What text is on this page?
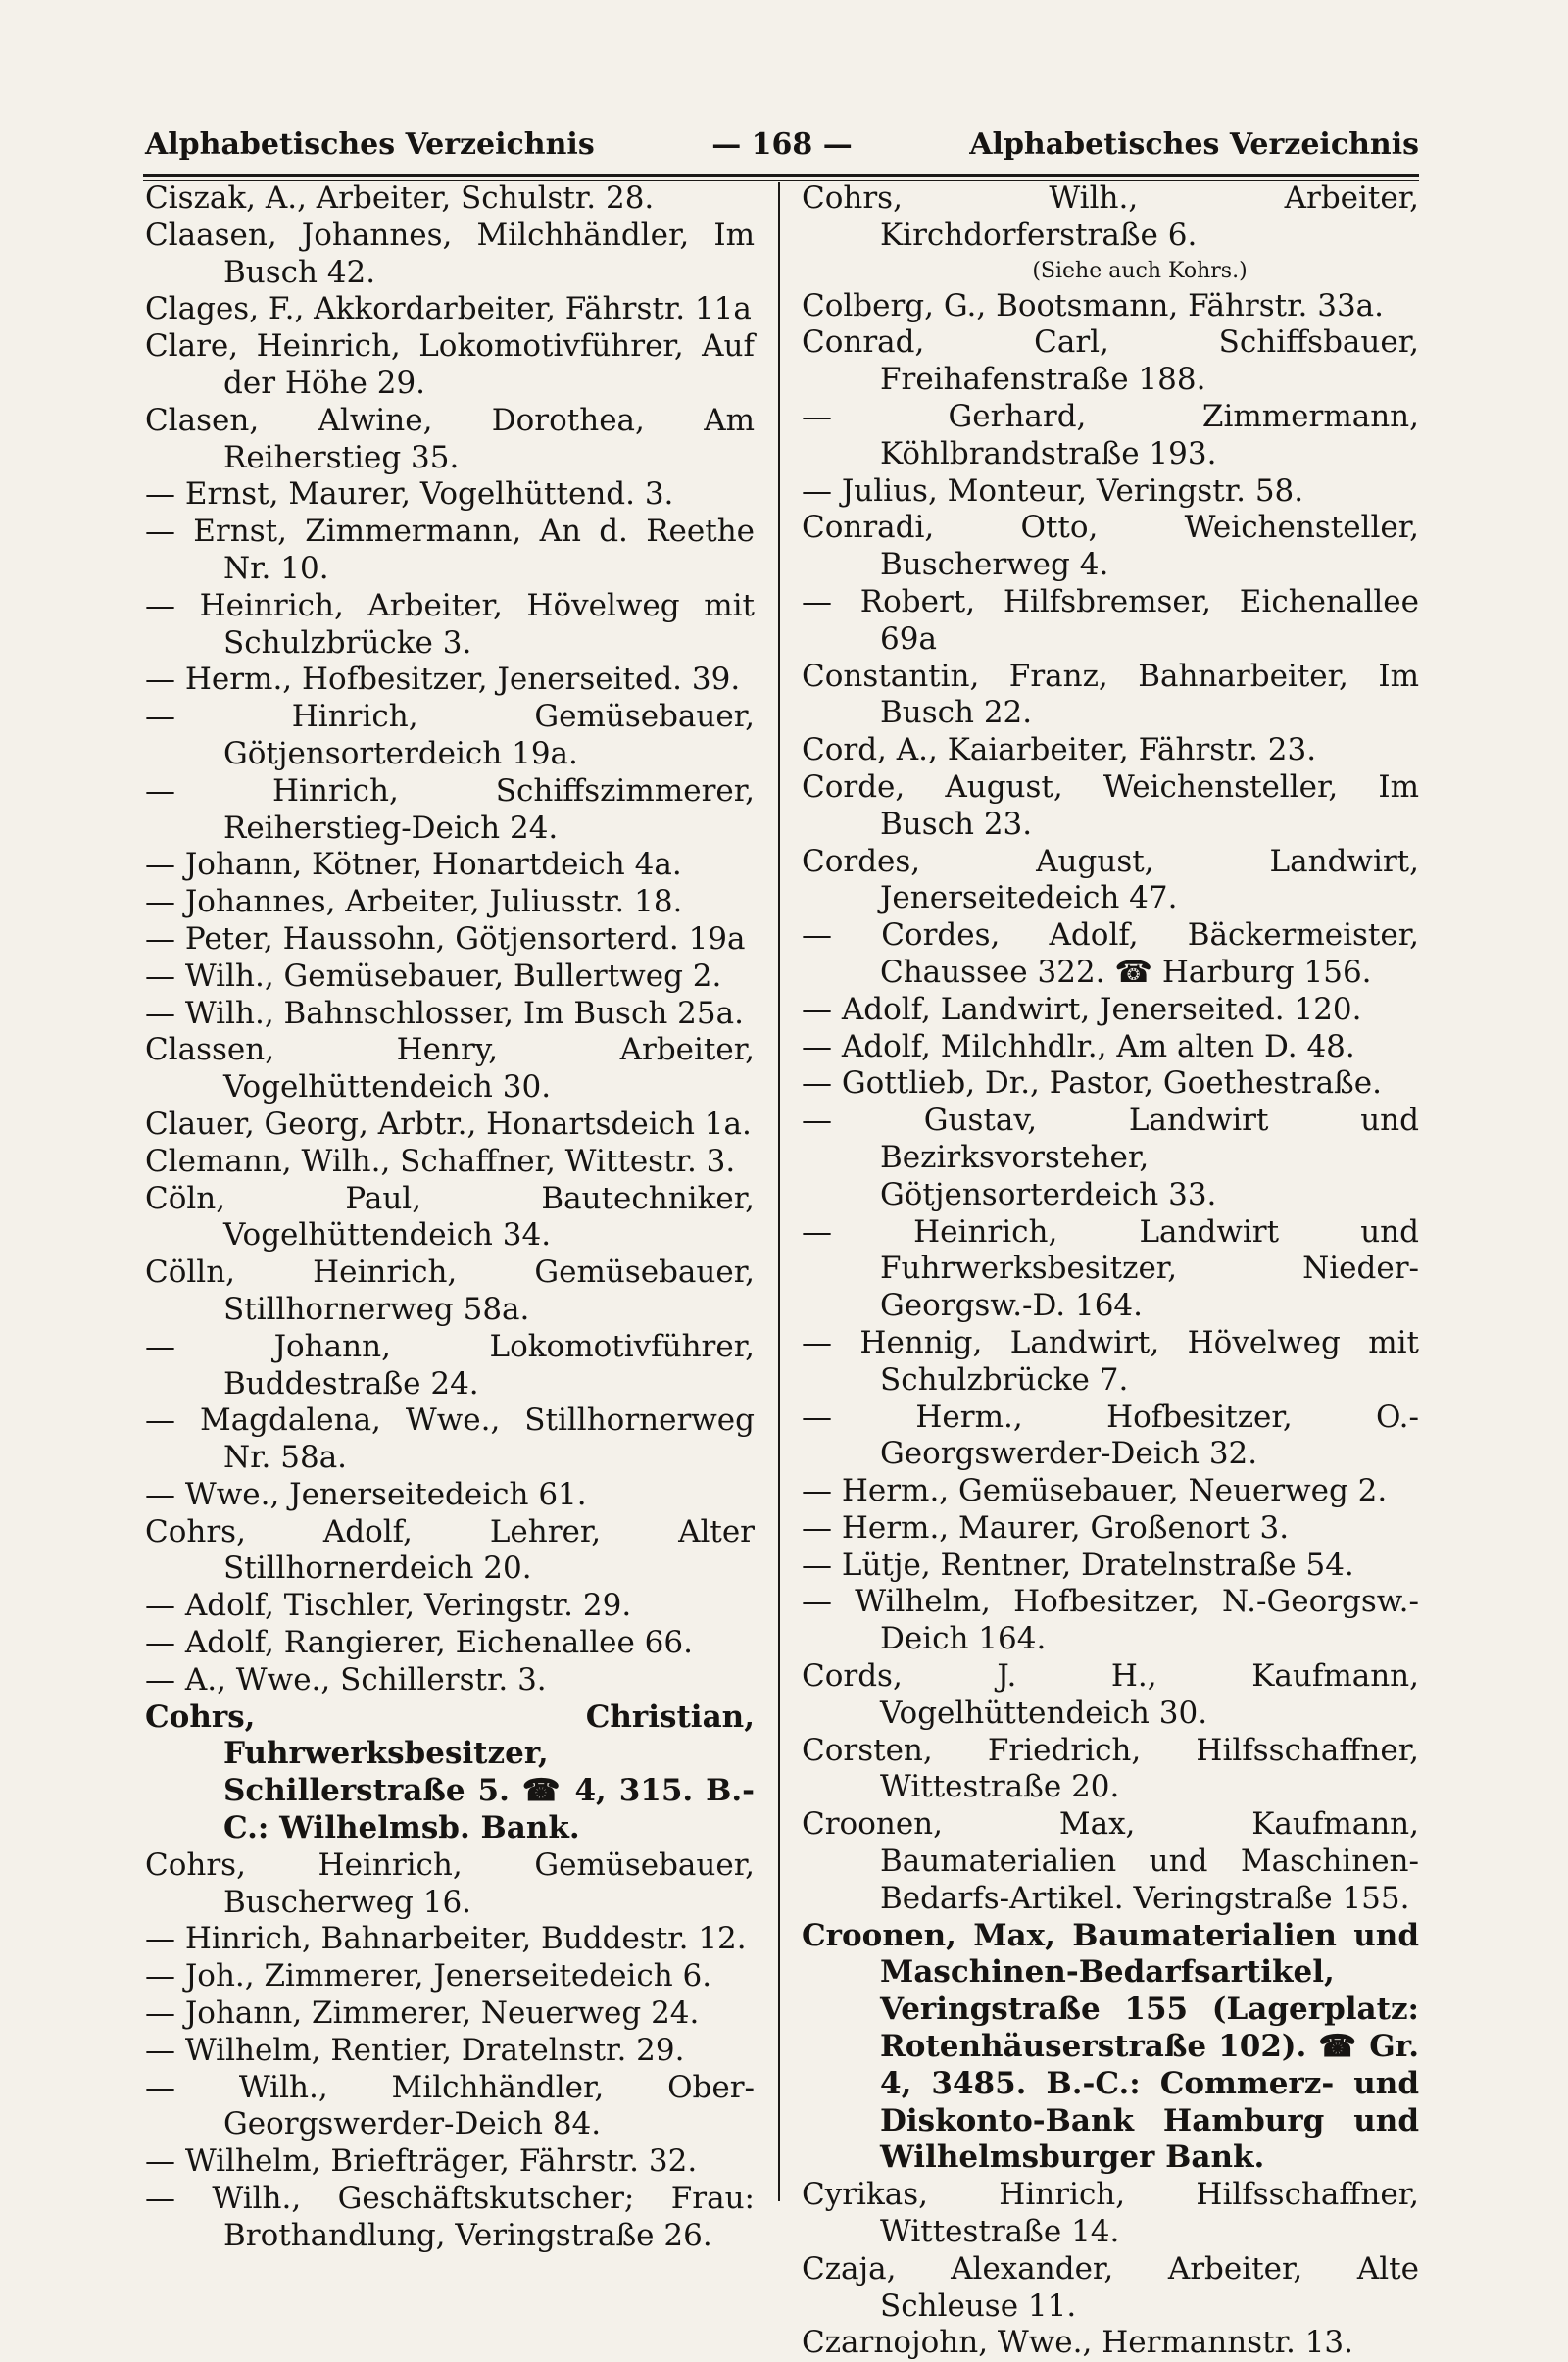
Alphabetisches Verzeichnis	— 168 —	Alphabetisches Verzeichnis

Ciszak, A., Arbeiter, Schulstr. 28.

Claasen, Johannes, Milchhändler, Im Busch 42.

Clages, F., Akkordarbeiter, Fährstr. 11a

Clare, Heinrich, Lokomotivführer, Auf der Höhe 29.

Clasen, Alwine, Dorothea, Am Reiherstieg 35.

— Ernst, Maurer, Vogelhüttend. 3.

— Ernst, Zimmermann, An d. Reethe Nr. 10.

— Heinrich, Arbeiter, Hövelweg mit Schulzbrücke 3.

— Herm., Hofbesitzer, Jenerseited. 39.

— Hinrich, Gemüsebauer, Götjensorterdeich 19a.

— Hinrich, Schiffszimmerer, Reiherstieg-Deich 24.

— Johann, Kötner, Honartdeich 4a.

— Johannes, Arbeiter, Juliusstr. 18.

— Peter, Haussohn, Götjensorterd. 19a

— Wilh., Gemüsebauer, Bullertweg 2.

— Wilh., Bahnschlosser, Im Busch 25a.

Classen, Henry, Arbeiter, Vogelhüttendeich 30.

Clauer, Georg, Arbtr., Honartsdeich 1a.

Clemann, Wilh., Schaffner, Wittestr. 3.

Cöln, Paul, Bautechniker, Vogelhüttendeich 34.

Cölln, Heinrich, Gemüsebauer, Stillhornerweg 58a.

— Johann, Lokomotivführer, Buddestraße 24.

— Magdalena, Wwe., Stillhornerweg Nr. 58a.

— Wwe., Jenerseitedeich 61.

Cohrs, Adolf, Lehrer, Alter Stillhornerdeich 20.

— Adolf, Tischler, Veringstr. 29.

— Adolf, Rangierer, Eichenallee 66.

— A., Wwe., Schillerstr. 3.

Cohrs, Christian, Fuhrwerksbesitzer, Schillerstraße 5. ☎ 4, 315. B.-C.: Wilhelmsb. Bank.

Cohrs, Heinrich, Gemüsebauer, Buscherweg 16.

— Hinrich, Bahnarbeiter, Buddestr. 12.

— Joh., Zimmerer, Jenerseitedeich 6.

— Johann, Zimmerer, Neuerweg 24.

— Wilhelm, Rentier, Dratelnstr. 29.

— Wilh., Milchhändler, Ober-Georgswerder-Deich 84.

— Wilhelm, Briefträger, Fährstr. 32.

— Wilh., Geschäftskutscher; Frau: Brothandlung, Veringstraße 26.

Cohrs, Wilh., Arbeiter, Kirchdorferstraße 6.

(Siehe auch Kohrs.)

Colberg, G., Bootsmann, Fährstr. 33a.

Conrad, Carl, Schiffsbauer, Freihafenstraße 188.

— Gerhard, Zimmermann, Köhlbrandstraße 193.

— Julius, Monteur, Veringstr. 58.

Conradi, Otto, Weichensteller, Buscherweg 4.

— Robert, Hilfsbremser, Eichenallee 69a

Constantin, Franz, Bahnarbeiter, Im Busch 22.

Cord, A., Kaiarbeiter, Fährstr. 23.

Corde, August, Weichensteller, Im Busch 23.

Cordes, August, Landwirt, Jenerseitedeich 47.

— Cordes, Adolf, Bäckermeister, Chaussee 322. ☎ Harburg 156.

— Adolf, Landwirt, Jenerseited. 120.

— Adolf, Milchhdlr., Am alten D. 48.

— Gottlieb, Dr., Pastor, Goethestraße.

— Gustav, Landwirt und Bezirksvorsteher, Götjensorterdeich 33.

— Heinrich, Landwirt und Fuhrwerksbesitzer, Nieder-Georgsw.-D. 164.

— Hennig, Landwirt, Hövelweg mit Schulzbrücke 7.

— Herm., Hofbesitzer, O.-Georgswerder-Deich 32.

— Herm., Gemüsebauer, Neuerweg 2.

— Herm., Maurer, Großenort 3.

— Lütje, Rentner, Dratelnstraße 54.

— Wilhelm, Hofbesitzer, N.-Georgsw.-Deich 164.

Cords, J. H., Kaufmann, Vogelhüttendeich 30.

Corsten, Friedrich, Hilfsschaffner, Wittestraße 20.

Croonen, Max, Kaufmann, Baumaterialien und Maschinen-Bedarfs-Artikel. Veringstraße 155.

Croonen, Max, Baumaterialien und Maschinen-Bedarfsartikel, Veringstraße 155 (Lagerplatz: Rotenhäuserstraße 102). ☎ Gr. 4, 3485. B.-C.: Commerz- und Diskonto-Bank Hamburg und Wilhelmsburger Bank.

Cyrikas, Hinrich, Hilfsschaffner, Wittestraße 14.

Czaja, Alexander, Arbeiter, Alte Schleuse 11.

Czarnojohn, Wwe., Hermannstr. 13.
